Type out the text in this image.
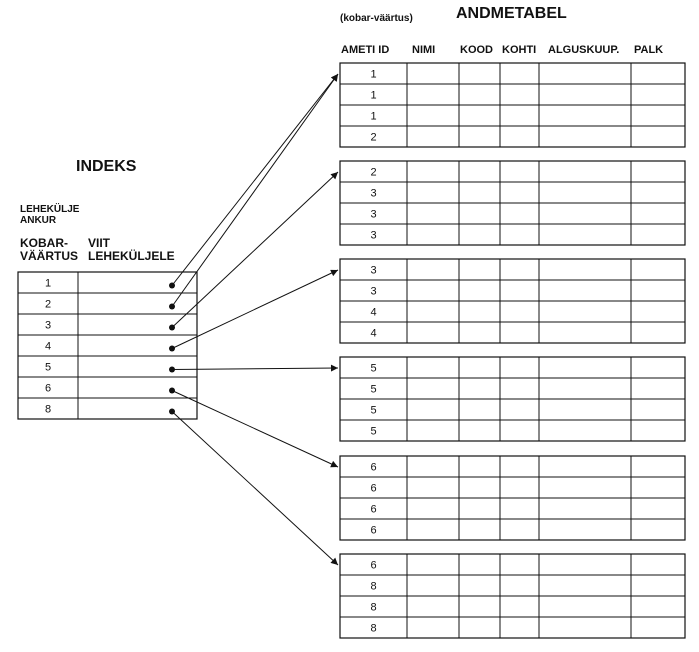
ANDMETABEL
(kobar-väärtus)
AMETI ID NIMI KOOD KOHTI ALGUSKUUP. PALK
INDEKS
LEHEKÜLJE
ANKUR
KOBAR-
VÄÄRTUS
VIIT
LEHEKÜLJELE
1
1
1
2
2
3
3
3
3
3
4
4
5
5
5
5
6
6
6
6
6
8
8
8
1
2
3
4
5
6
8
